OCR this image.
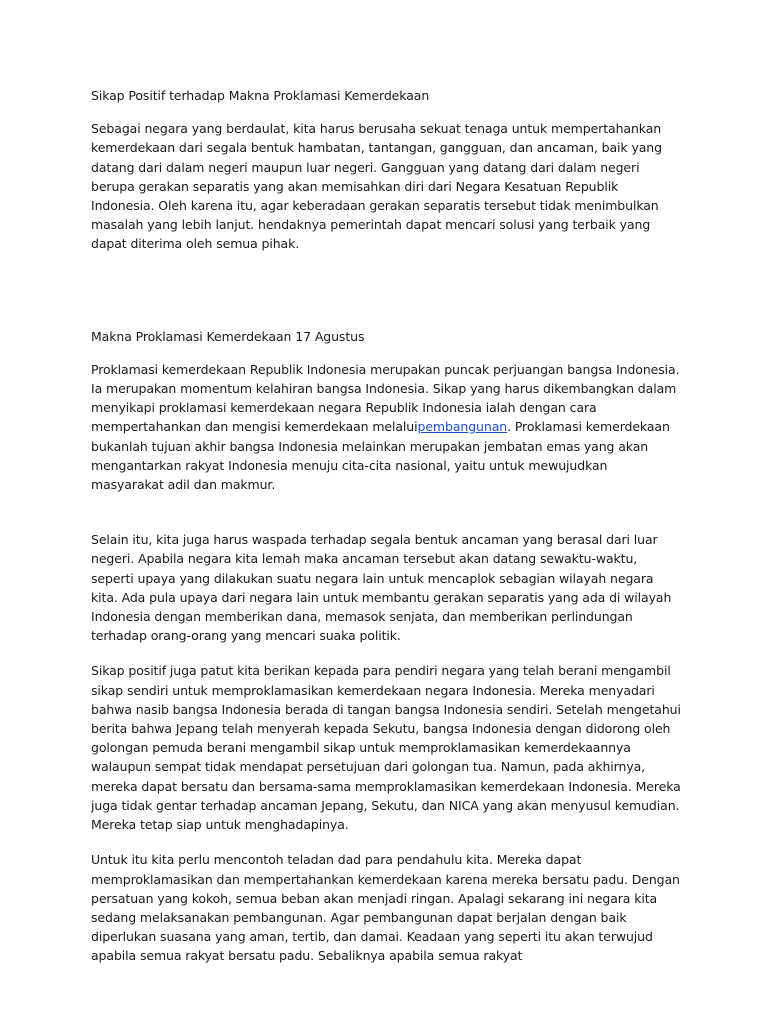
Sikap Positif terhadap Makna Proklamasi Kemerdekaan

Sebagai negara yang berdaulat, kita harus berusaha sekuat tenaga untuk mempertahankan kemerdekaan dari segala bentuk hambatan, tantangan, gangguan, dan ancaman, baik yang datang dari dalam negeri maupun luar negeri. Gangguan yang datang dari dalam negeri berupa gerakan separatis yang akan memisahkan diri dari Negara Kesatuan Republik Indonesia. Oleh karena itu, agar keberadaan gerakan separatis tersebut tidak menimbulkan masalah yang lebih lanjut. hendaknya pemerintah dapat mencari solusi yang terbaik yang dapat diterima oleh semua pihak.

Makna Proklamasi Kemerdekaan 17 Agustus

Proklamasi kemerdekaan Republik Indonesia merupakan puncak perjuangan bangsa Indonesia. Ia merupakan momentum kelahiran bangsa Indonesia. Sikap yang harus dikembangkan dalam menyikapi proklamasi kemerdekaan negara Republik Indonesia ialah dengan cara mempertahankan dan mengisi kemerdekaan melaluipembangunan. Proklamasi kemerdekaan bukanlah tujuan akhir bangsa Indonesia melainkan merupakan jembatan emas yang akan mengantarkan rakyat Indonesia menuju cita-cita nasional, yaitu untuk mewujudkan masyarakat adil dan makmur.

Selain itu, kita juga harus waspada terhadap segala bentuk ancaman yang berasal dari luar negeri. Apabila negara kita lemah maka ancaman tersebut akan datang sewaktu-waktu, seperti upaya yang dilakukan suatu negara lain untuk mencaplok sebagian wilayah negara kita. Ada pula upaya dari negara lain untuk membantu gerakan separatis yang ada di wilayah Indonesia dengan memberikan dana, memasok senjata, dan memberikan perlindungan terhadap orang-orang yang mencari suaka politik.

Sikap positif juga patut kita berikan kepada para pendiri negara yang telah berani mengambil sikap sendiri untuk memproklamasikan kemerdekaan negara Indonesia. Mereka menyadari bahwa nasib bangsa Indonesia berada di tangan bangsa Indonesia sendiri. Setelah mengetahui berita bahwa Jepang telah menyerah kepada Sekutu, bangsa Indonesia dengan didorong oleh golongan pemuda berani mengambil sikap untuk memproklamasikan kemerdekaannya walaupun sempat tidak mendapat persetujuan dari golongan tua. Namun, pada akhirnya, mereka dapat bersatu dan bersama-sama memproklamasikan kemerdekaan Indonesia. Mereka juga tidak gentar terhadap ancaman Jepang, Sekutu, dan NICA yang akan menyusul kemudian. Mereka tetap siap untuk menghadapinya.

Untuk itu kita perlu mencontoh teladan dad para pendahulu kita. Mereka dapat memproklamasikan dan mempertahankan kemerdekaan karena mereka bersatu padu. Dengan persatuan yang kokoh, semua beban akan menjadi ringan. Apalagi sekarang ini negara kita sedang melaksanakan pembangunan. Agar pembangunan dapat berjalan dengan baik diperlukan suasana yang aman, tertib, dan damai. Keadaan yang seperti itu akan terwujud apabila semua rakyat bersatu padu. Sebaliknya apabila semua rakyat
